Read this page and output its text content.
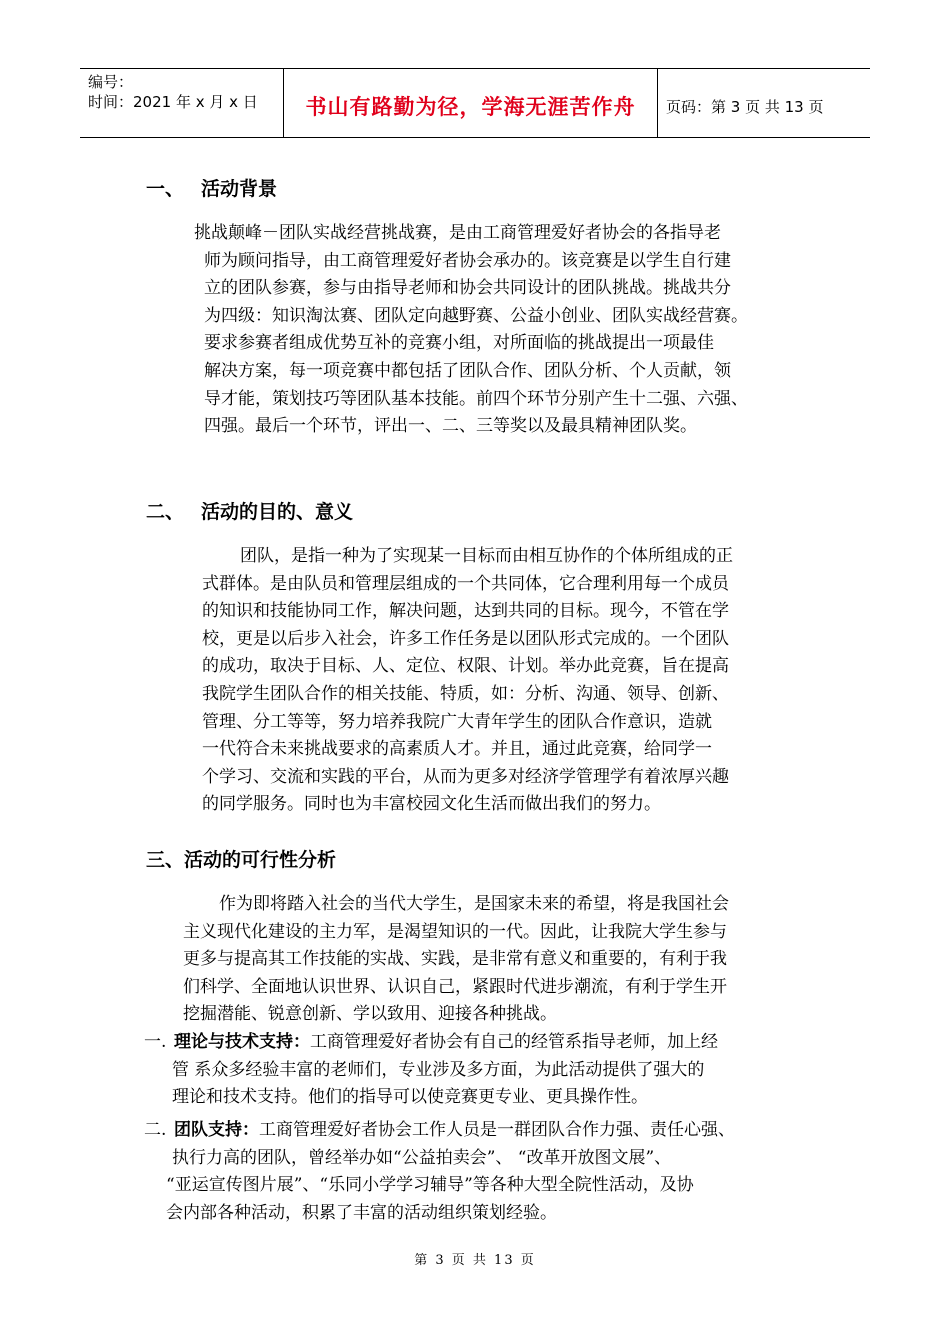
编号：
时间：2021 年 x 月 x 日	书山有路勤为径，学海无涯苦作舟	页码：第 3 页 共 13 页
一、 活动背景

挑战颠峰－团队实战经营挑战赛，是由工商管理爱好者协会的各指导老

师为顾问指导，由工商管理爱好者协会承办的。该竞赛是以学生自行建

立的团队参赛，参与由指导老师和协会共同设计的团队挑战。挑战共分

为四级：知识淘汰赛、团队定向越野赛、公益小创业、团队实战经营赛。

要求参赛者组成优势互补的竞赛小组，对所面临的挑战提出一项最佳

解决方案，每一项竞赛中都包括了团队合作、团队分析、个人贡献，领

导才能，策划技巧等团队基本技能。前四个环节分别产生十二强、六强、

四强。最后一个环节，评出一、二、三等奖以及最具精神团队奖。

二、 活动的目的、意义

团队，是指一种为了实现某一目标而由相互协作的个体所组成的正

式群体。是由队员和管理层组成的一个共同体，它合理利用每一个成员

的知识和技能协同工作，解决问题，达到共同的目标。现今，不管在学

校，更是以后步入社会，许多工作任务是以团队形式完成的。一个团队

的成功，取决于目标、人、定位、权限、计划。举办此竞赛，旨在提高

我院学生团队合作的相关技能、特质，如：分析、沟通、领导、创新、

管理、分工等等，努力培养我院广大青年学生的团队合作意识，造就

一代符合未来挑战要求的高素质人才。并且，通过此竞赛，给同学一

个学习、交流和实践的平台，从而为更多对经济学管理学有着浓厚兴趣

的同学服务。同时也为丰富校园文化生活而做出我们的努力。

三、活动的可行性分析

作为即将踏入社会的当代大学生，是国家未来的希望，将是我国社会

主义现代化建设的主力军，是渴望知识的一代。因此，让我院大学生参与

更多与提高其工作技能的实战、实践，是非常有意义和重要的，有利于我

们科学、全面地认识世界、认识自己，紧跟时代进步潮流，有利于学生开

挖掘潜能、锐意创新、学以致用、迎接各种挑战。

一. 理论与技术支持：工商管理爱好者协会有自己的经管系指导老师，加上经

管 系众多经验丰富的老师们，专业涉及多方面，为此活动提供了强大的

理论和技术支持。他们的指导可以使竞赛更专业、更具操作性。

二. 团队支持：工商管理爱好者协会工作人员是一群团队合作力强、责任心强、

执行力高的团队，曾经举办如“公益拍卖会”、 “改革开放图文展”、

“亚运宣传图片展”、“乐同小学学习辅导”等各种大型全院性活动，及协

会内部各种活动，积累了丰富的活动组织策划经验。

第 3 页 共 13 页
